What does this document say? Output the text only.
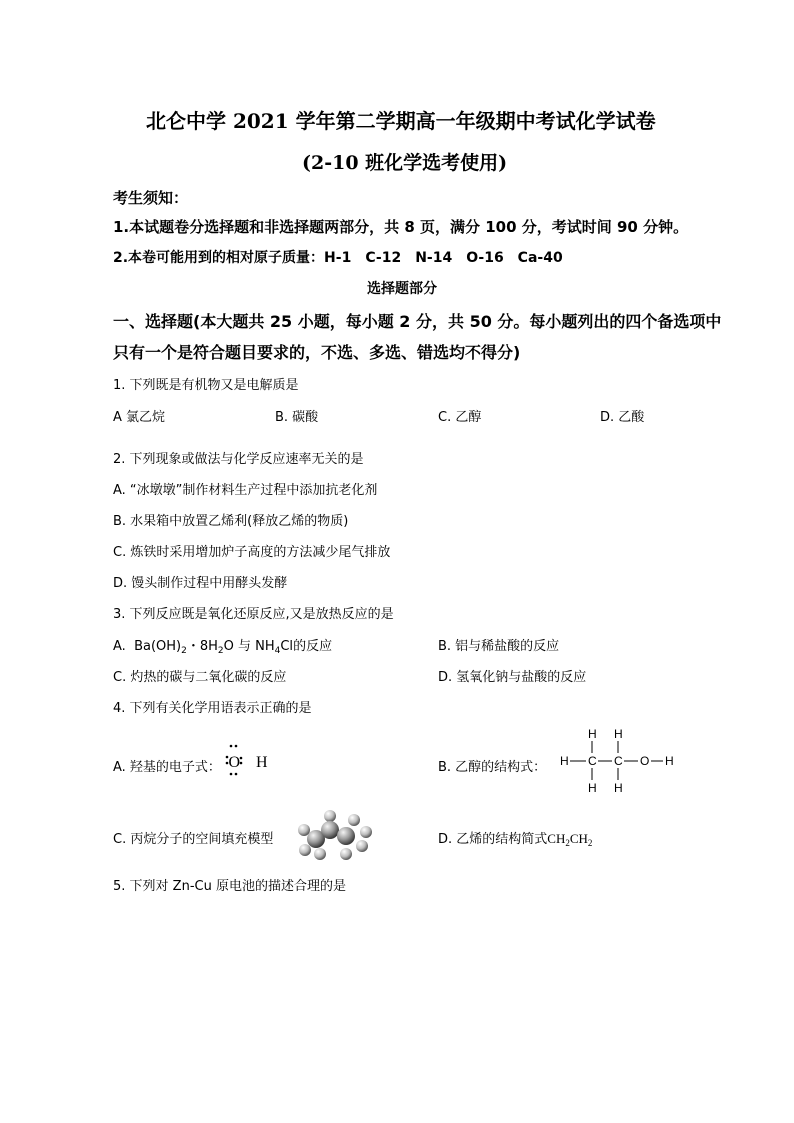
北仑中学 2021 学年第二学期高一年级期中考试化学试卷
(2-10 班化学选考使用)
考生须知：
1.本试题卷分选择题和非选择题两部分，共 8 页，满分 100 分，考试时间 90 分钟。
2.本卷可能用到的相对原子质量：H-1　C-12　N-14　O-16　Ca-40
选择题部分
一、选择题(本大题共 25 小题，每小题 2 分，共 50 分。每小题列出的四个备选项中
只有一个是符合题目要求的，不选、多选、错选均不得分)
1. 下列既是有机物又是电解质是
A 氯乙烷	B. 碳酸	C. 乙醇	D. 乙酸
2. 下列现象或做法与化学反应速率无关的是
A. “冰墩墩”制作材料生产过程中添加抗老化剂
B. 水果箱中放置乙烯利(释放乙烯的物质)
C. 炼铁时采用增加炉子高度的方法减少尾气排放
D. 馒头制作过程中用酵头发酵
3. 下列反应既是氧化还原反应,又是放热反应的是
A.  $Ba(OH)_2$・$8H_2O$ 与 $NH_4Cl$的反应	B. 铝与稀盐酸的反应
C. 灼热的碳与二氧化碳的反应	D. 氢氧化钠与盐酸的反应
4. 下列有关化学用语表示正确的是
A. 羟基的电子式： O H	B. 乙醇的结构式：
H H
H C C O H
H H
C. 丙烷分子的空间填充模型	D. 乙烯的结构简式$CH_2CH_2$
5. 下列对 Zn-Cu 原电池的描述合理的是
